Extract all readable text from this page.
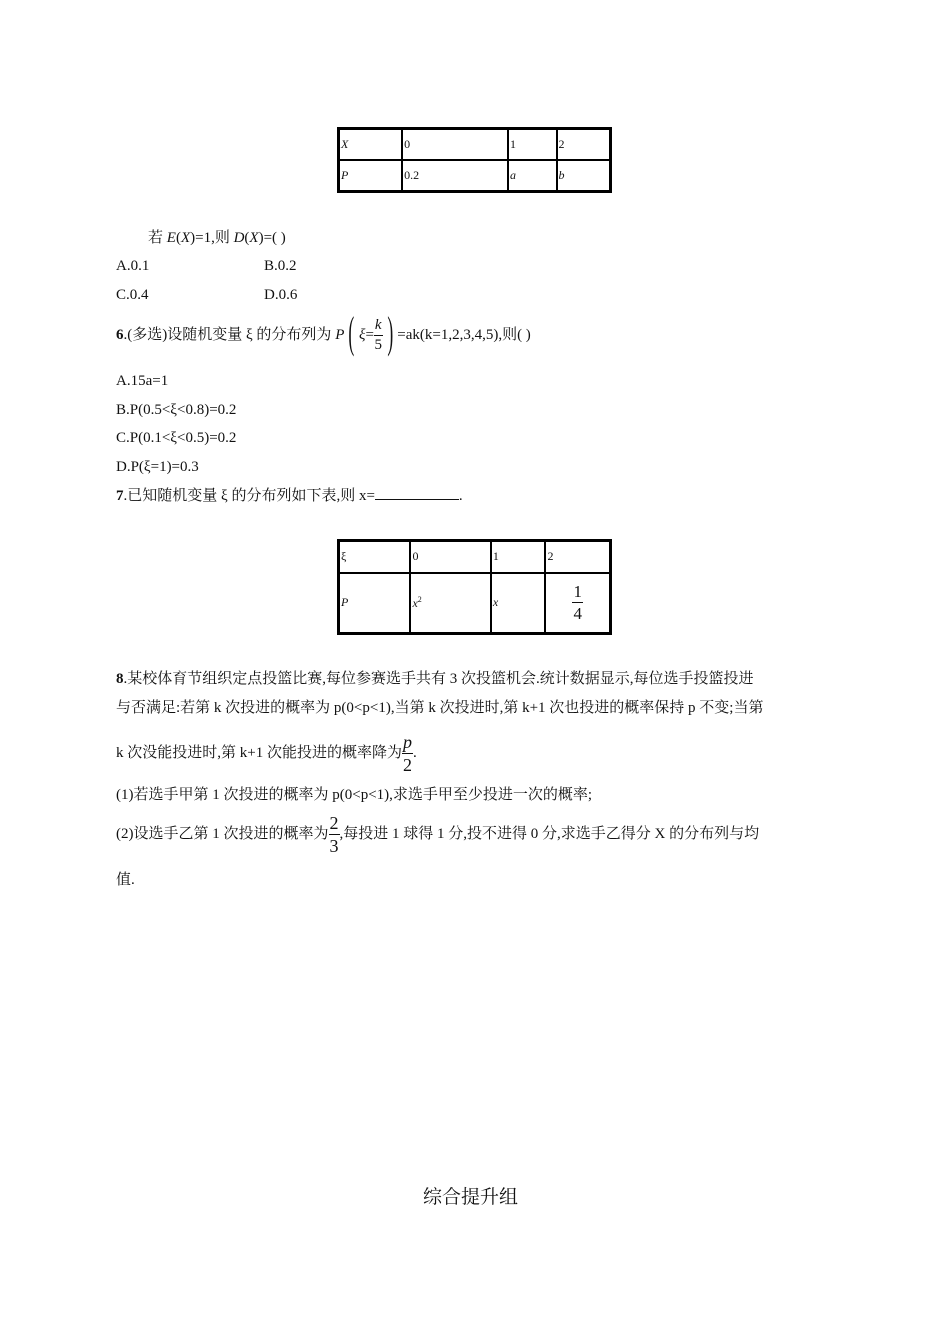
X	0	1	2
P	0.2	a	b
若 E(X)=1,则 D(X)=( )
A.0.1	B.0.2
C.0.4	D.0.6
6.(多选)设随机变量 ξ 的分布列为 P( $\xi= \frac{k}{5}$ ) =ak(k=1,2,3,4,5),则( )
A.15a=1
B.P(0.5<ξ<0.8)=0.2
C.P(0.1<ξ<0.5)=0.2
D.P(ξ=1)=0.3
7.已知随机变量 ξ 的分布列如下表,则 x=	.
ξ	0	1	2
P	$x^2$	x	$\frac{1}{4}$
8.某校体育节组织定点投篮比赛,每位参赛选手共有 3 次投篮机会.统计数据显示,每位选手投篮投进
与否满足:若第 k 次投进的概率为 p(0<p<1),当第 k 次投进时,第 k+1 次也投进的概率保持 p 不变;当第
k 次没能投进时,第 k+1 次能投进的概率降为 $\frac{p}{2}$ .
(1)若选手甲第 1 次投进的概率为 p(0<p<1),求选手甲至少投进一次的概率;
(2)设选手乙第 1 次投进的概率为 $\frac{2}{3}$ ,每投进 1 球得 1 分,投不进得 0 分,求选手乙得分 X 的分布列与均
值.
综合提升组
